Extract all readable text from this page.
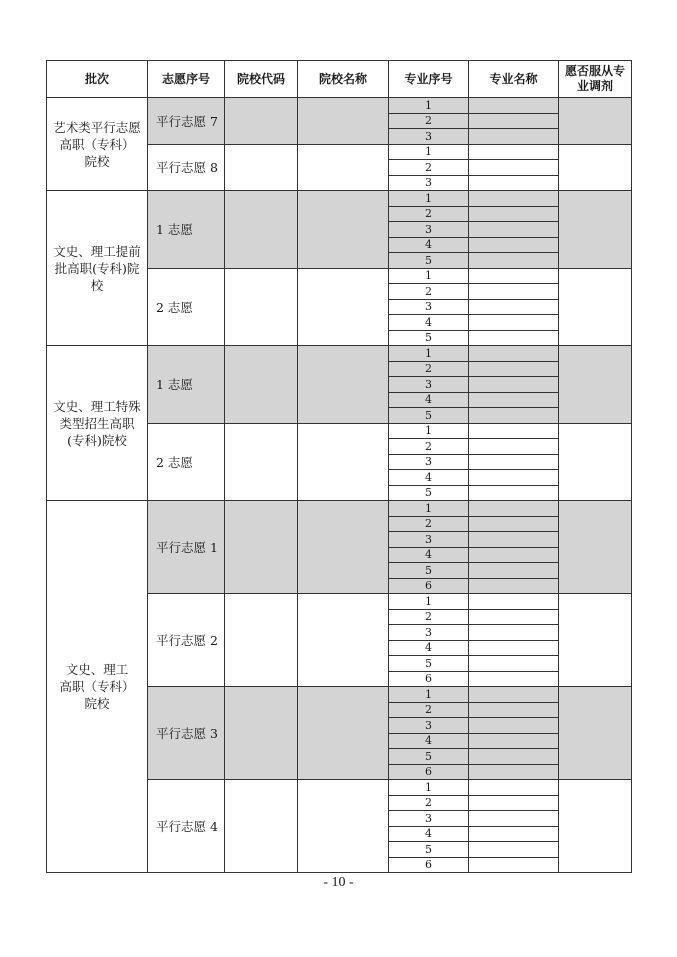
批次	志愿序号	院校代码	院校名称	专业序号	专业名称	愿否服从专业调剂
艺术类平行志愿
高职（专科）
院校	平行志愿 7			1		
				2		
				3		
	平行志愿 8			1		
				2		
				3		
文史、理工提前批高职(专科)院校	1 志愿			1		
				2		
				3		
				4		
				5		
	2 志愿			1		
				2		
				3		
				4		
				5		
文史、理工特殊类型招生高职(专科)院校	1 志愿			1		
				2		
				3		
				4		
				5		
	2 志愿			1		
				2		
				3		
				4		
				5		
文史、理工
高职（专科）
院校	平行志愿 1			1		
				2		
				3		
				4		
				5		
				6		
	平行志愿 2			1		
				2		
				3		
				4		
				5		
				6		
	平行志愿 3			1		
				2		
				3		
				4		
				5		
				6		
	平行志愿 4			1		
				2		
				3		
				4		
				5		
				6		
- 10 -
